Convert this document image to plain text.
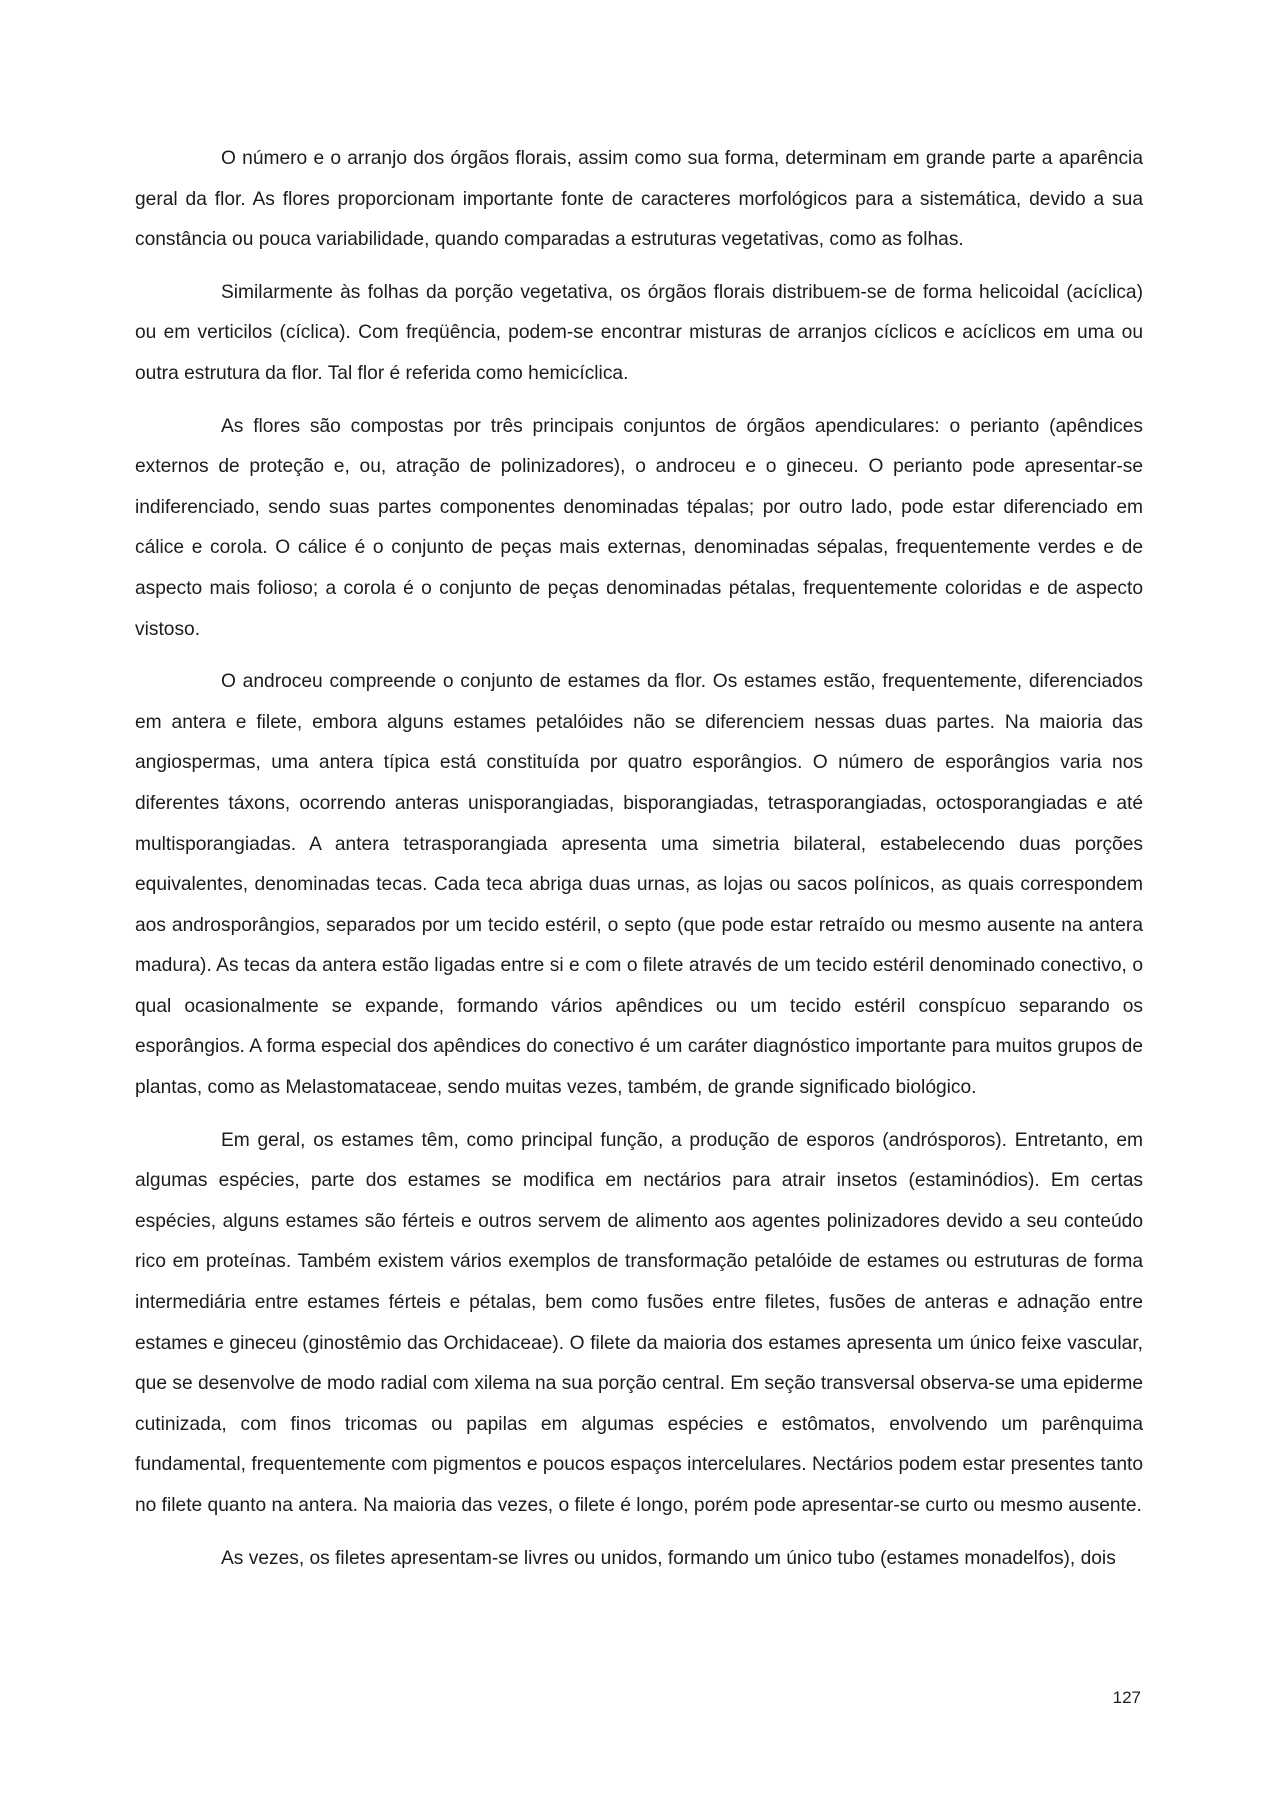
O número e o arranjo dos órgãos florais, assim como sua forma, determinam em grande parte a aparência geral da flor. As flores proporcionam importante fonte de caracteres morfológicos para a sistemática, devido a sua constância ou pouca variabilidade, quando comparadas a estruturas vegetativas, como as folhas.

Similarmente às folhas da porção vegetativa, os órgãos florais distribuem-se de forma helicoidal (acíclica) ou em verticilos (cíclica). Com freqüência, podem-se encontrar misturas de arranjos cíclicos e acíclicos em uma ou outra estrutura da flor. Tal flor é referida como hemicíclica.

As flores são compostas por três principais conjuntos de órgãos apendiculares: o perianto (apêndices externos de proteção e, ou, atração de polinizadores), o androceu e o gineceu. O perianto pode apresentar-se indiferenciado, sendo suas partes componentes denominadas tépalas; por outro lado, pode estar diferenciado em cálice e corola. O cálice é o conjunto de peças mais externas, denominadas sépalas, frequentemente verdes e de aspecto mais folioso; a corola é o conjunto de peças denominadas pétalas, frequentemente coloridas e de aspecto vistoso.

O androceu compreende o conjunto de estames da flor. Os estames estão, frequentemente, diferenciados em antera e filete, embora alguns estames petalóides não se diferenciem nessas duas partes. Na maioria das angiospermas, uma antera típica está constituída por quatro esporângios. O número de esporângios varia nos diferentes táxons, ocorrendo anteras unisporangiadas, bisporangiadas, tetrasporangiadas, octosporangiadas e até multisporangiadas. A antera tetrasporangiada apresenta uma simetria bilateral, estabelecendo duas porções equivalentes, denominadas tecas. Cada teca abriga duas urnas, as lojas ou sacos polínicos, as quais correspondem aos androsporângios, separados por um tecido estéril, o septo (que pode estar retraído ou mesmo ausente na antera madura). As tecas da antera estão ligadas entre si e com o filete através de um tecido estéril denominado conectivo, o qual ocasionalmente se expande, formando vários apêndices ou um tecido estéril conspícuo separando os esporângios. A forma especial dos apêndices do conectivo é um caráter diagnóstico importante para muitos grupos de plantas, como as Melastomataceae, sendo muitas vezes, também, de grande significado biológico.

Em geral, os estames têm, como principal função, a produção de esporos (andrósporos). Entretanto, em algumas espécies, parte dos estames se modifica em nectários para atrair insetos (estaminódios). Em certas espécies, alguns estames são férteis e outros servem de alimento aos agentes polinizadores devido a seu conteúdo rico em proteínas. Também existem vários exemplos de transformação petalóide de estames ou estruturas de forma intermediária entre estames férteis e pétalas, bem como fusões entre filetes, fusões de anteras e adnação entre estames e gineceu (ginostêmio das Orchidaceae). O filete da maioria dos estames apresenta um único feixe vascular, que se desenvolve de modo radial com xilema na sua porção central. Em seção transversal observa-se uma epiderme cutinizada, com finos tricomas ou papilas em algumas espécies e estômatos, envolvendo um parênquima fundamental, frequentemente com pigmentos e poucos espaços intercelulares. Nectários podem estar presentes tanto no filete quanto na antera. Na maioria das vezes, o filete é longo, porém pode apresentar-se curto ou mesmo ausente.

As vezes, os filetes apresentam-se livres ou unidos, formando um único tubo (estames monadelfos), dois

127
